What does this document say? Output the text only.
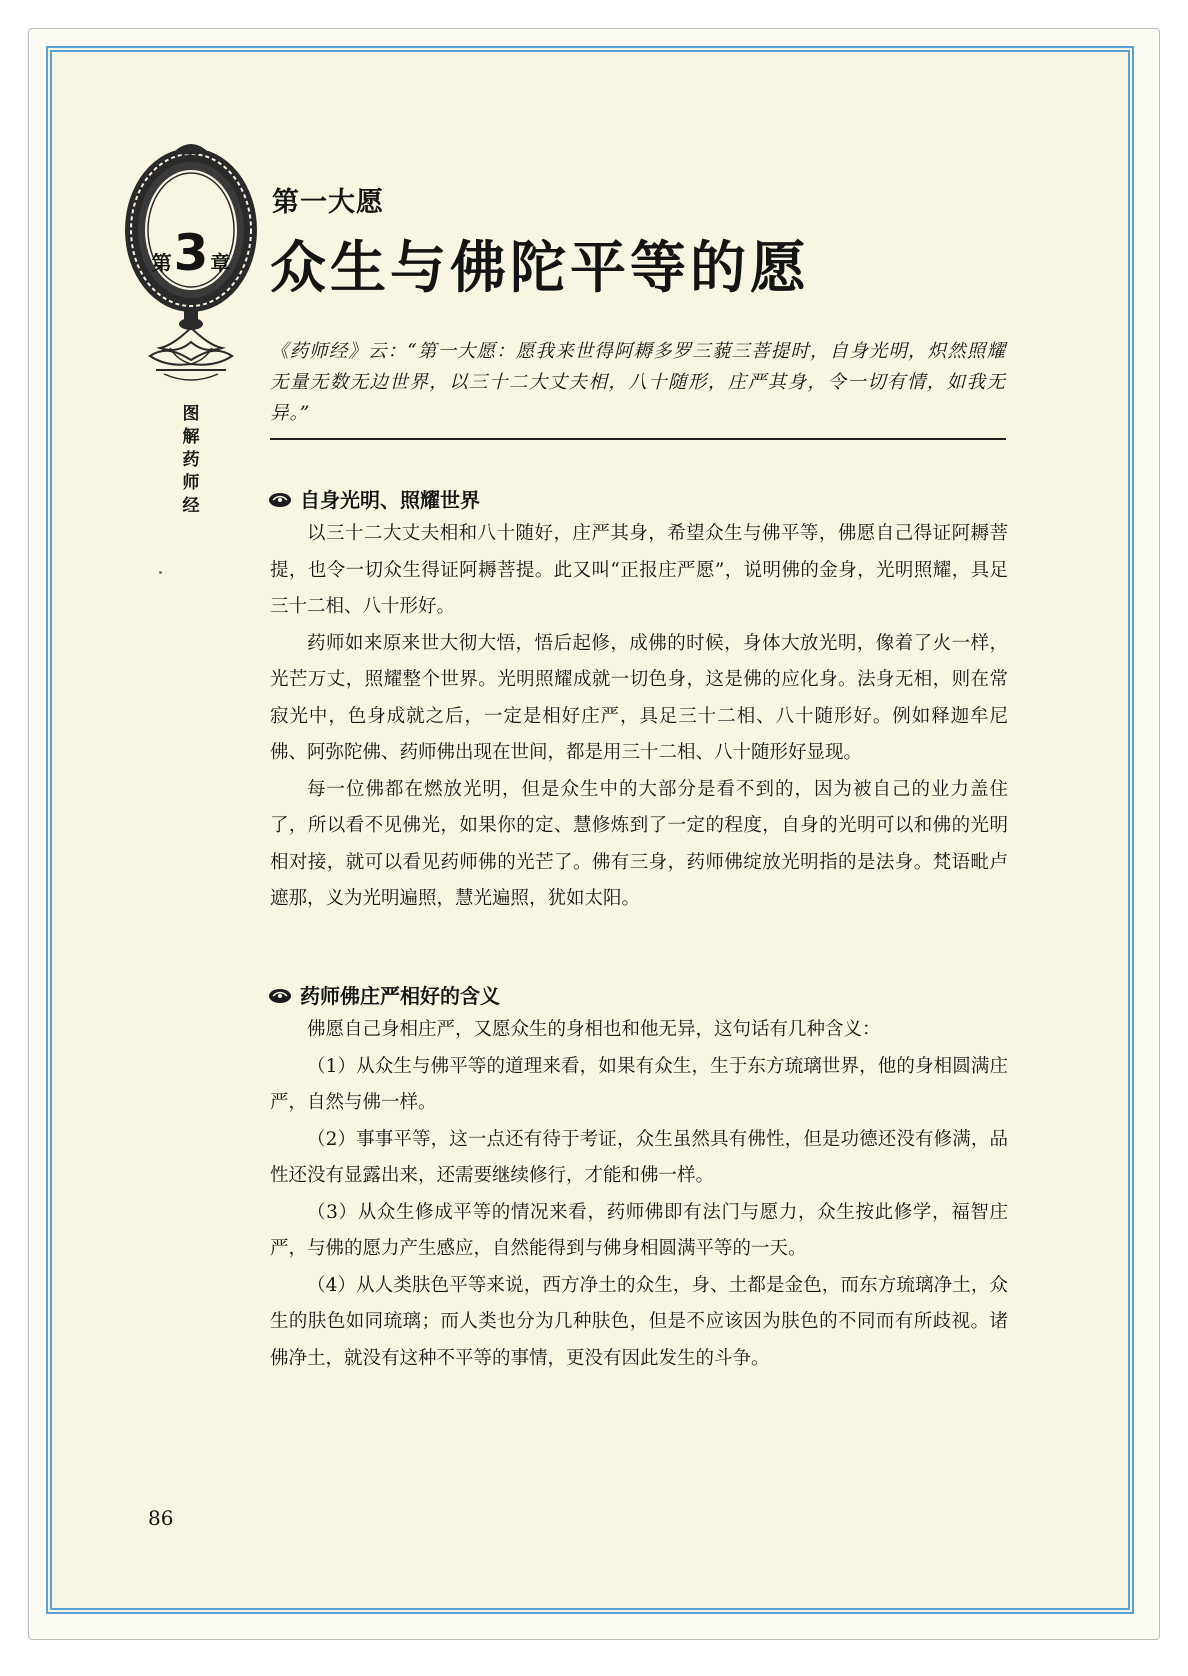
第 3 章
图
解
药
师
经
第一大愿
众生与佛陀平等的愿
《药师经》云：“第一大愿：愿我来世得阿耨多罗三藐三菩提时，自身光明，炽然照耀无量无数无边世界，以三十二大丈夫相，八十随形，庄严其身，令一切有情，如我无异。”
自身光明、照耀世界

以三十二大丈夫相和八十随好，庄严其身，希望众生与佛平等，佛愿自己得证阿耨菩提，也令一切众生得证阿耨菩提。此又叫“正报庄严愿”，说明佛的金身，光明照耀，具足三十二相、八十形好。

药师如来原来世大彻大悟，悟后起修，成佛的时候，身体大放光明，像着了火一样，光芒万丈，照耀整个世界。光明照耀成就一切色身，这是佛的应化身。法身无相，则在常寂光中，色身成就之后，一定是相好庄严，具足三十二相、八十随形好。例如释迦牟尼佛、阿弥陀佛、药师佛出现在世间，都是用三十二相、八十随形好显现。

每一位佛都在燃放光明，但是众生中的大部分是看不到的，因为被自己的业力盖住了，所以看不见佛光，如果你的定、慧修炼到了一定的程度，自身的光明可以和佛的光明相对接，就可以看见药师佛的光芒了。佛有三身，药师佛绽放光明指的是法身。梵语毗卢遮那，义为光明遍照，慧光遍照，犹如太阳。

药师佛庄严相好的含义

佛愿自己身相庄严，又愿众生的身相也和他无异，这句话有几种含义：

（1）从众生与佛平等的道理来看，如果有众生，生于东方琉璃世界，他的身相圆满庄严，自然与佛一样。

（2）事事平等，这一点还有待于考证，众生虽然具有佛性，但是功德还没有修满，品性还没有显露出来，还需要继续修行，才能和佛一样。

（3）从众生修成平等的情况来看，药师佛即有法门与愿力，众生按此修学，福智庄严，与佛的愿力产生感应，自然能得到与佛身相圆满平等的一天。

（4）从人类肤色平等来说，西方净土的众生，身、土都是金色，而东方琉璃净土，众生的肤色如同琉璃；而人类也分为几种肤色，但是不应该因为肤色的不同而有所歧视。诸佛净土，就没有这种不平等的事情，更没有因此发生的斗争。

86
